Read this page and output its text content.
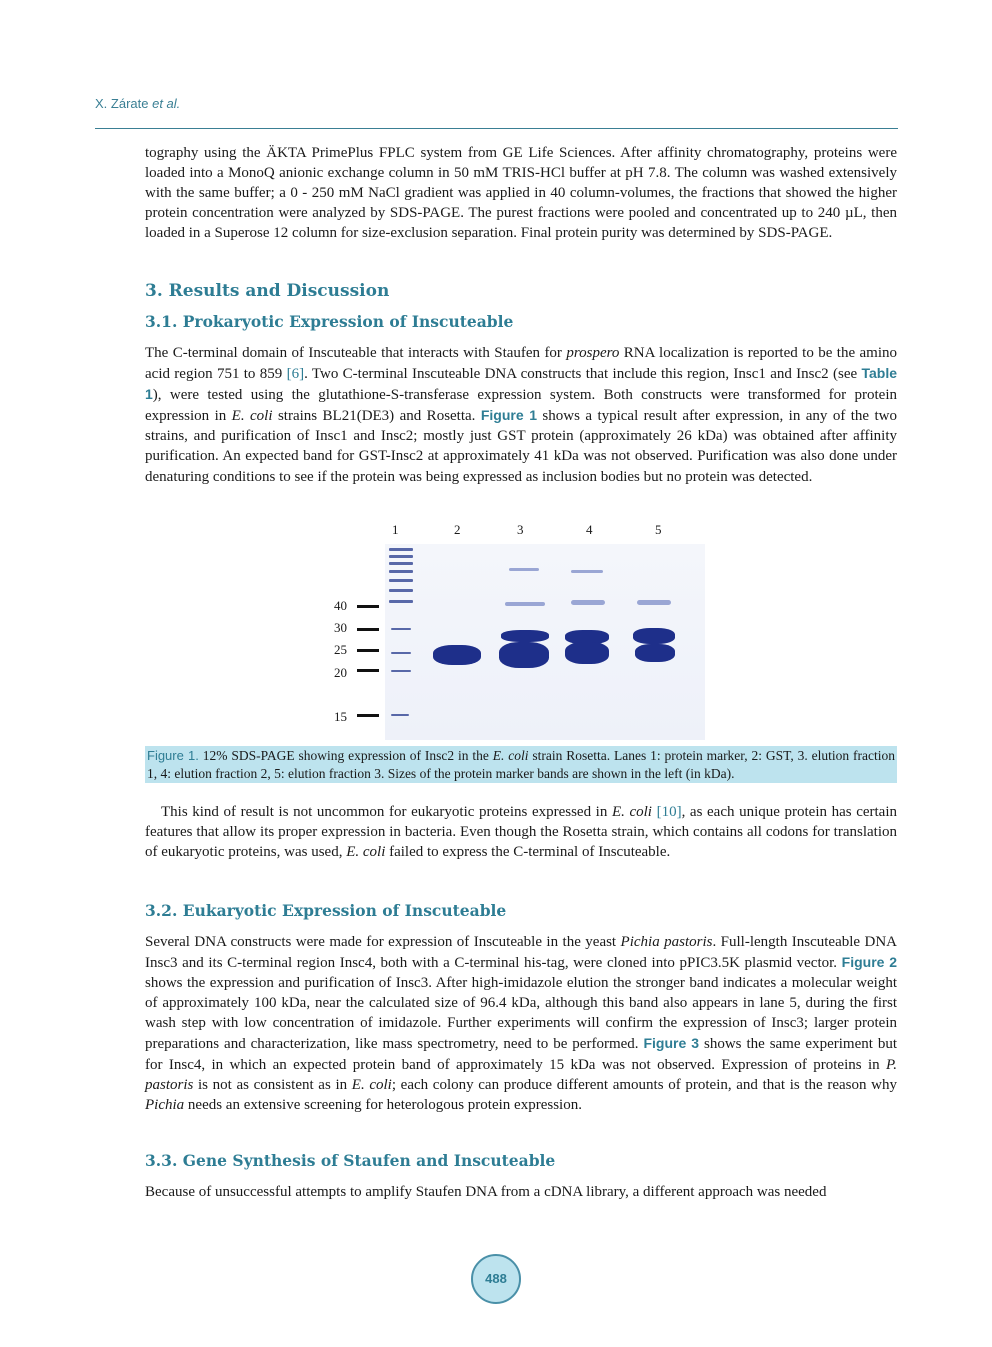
X. Zárate et al.

tography using the ÄKTA PrimePlus FPLC system from GE Life Sciences. After affinity chromatography, proteins were loaded into a MonoQ anionic exchange column in 50 mM TRIS-HCl buffer at pH 7.8. The column was washed extensively with the same buffer; a 0 - 250 mM NaCl gradient was applied in 40 column-volumes, the fractions that showed the higher protein concentration were analyzed by SDS-PAGE. The purest fractions were pooled and concentrated up to 240 µL, then loaded in a Superose 12 column for size-exclusion separation. Final protein purity was determined by SDS-PAGE.

3. Results and Discussion
3.1. Prokaryotic Expression of Inscuteable

The C-terminal domain of Inscuteable that interacts with Staufen for prospero RNA localization is reported to be the amino acid region 751 to 859 [6]. Two C-terminal Inscuteable DNA constructs that include this region, Insc1 and Insc2 (see Table 1), were tested using the glutathione-S-transferase expression system. Both constructs were transformed for protein expression in E. coli strains BL21(DE3) and Rosetta. Figure 1 shows a typical result after expression, in any of the two strains, and purification of Insc1 and Insc2; mostly just GST protein (approximately 26 kDa) was obtained after affinity purification. An expected band for GST-Insc2 at approximately 41 kDa was not observed. Purification was also done under denaturing conditions to see if the protein was being expressed as inclusion bodies but no protein was detected.

1	2	3	4	5
40
30
25
20
15
Figure 1. 12% SDS-PAGE showing expression of Insc2 in the E. coli strain Rosetta. Lanes 1: protein marker, 2: GST, 3. elution fraction 1, 4: elution fraction 2, 5: elution fraction 3. Sizes of the protein marker bands are shown in the left (in kDa).

This kind of result is not uncommon for eukaryotic proteins expressed in E. coli [10], as each unique protein has certain features that allow its proper expression in bacteria. Even though the Rosetta strain, which contains all codons for translation of eukaryotic proteins, was used, E. coli failed to express the C-terminal of Inscuteable.

3.2. Eukaryotic Expression of Inscuteable

Several DNA constructs were made for expression of Inscuteable in the yeast Pichia pastoris. Full-length Inscuteable DNA Insc3 and its C-terminal region Insc4, both with a C-terminal his-tag, were cloned into pPIC3.5K plasmid vector. Figure 2 shows the expression and purification of Insc3. After high-imidazole elution the stronger band indicates a molecular weight of approximately 100 kDa, near the calculated size of 96.4 kDa, although this band also appears in lane 5, during the first wash step with low concentration of imidazole. Further experiments will confirm the expression of Insc3; larger protein preparations and characterization, like mass spectrometry, need to be performed. Figure 3 shows the same experiment but for Insc4, in which an expected protein band of approximately 15 kDa was not observed. Expression of proteins in P. pastoris is not as consistent as in E. coli; each colony can produce different amounts of protein, and that is the reason why Pichia needs an extensive screening for heterologous protein expression.

3.3. Gene Synthesis of Staufen and Inscuteable

Because of unsuccessful attempts to amplify Staufen DNA from a cDNA library, a different approach was needed

488
